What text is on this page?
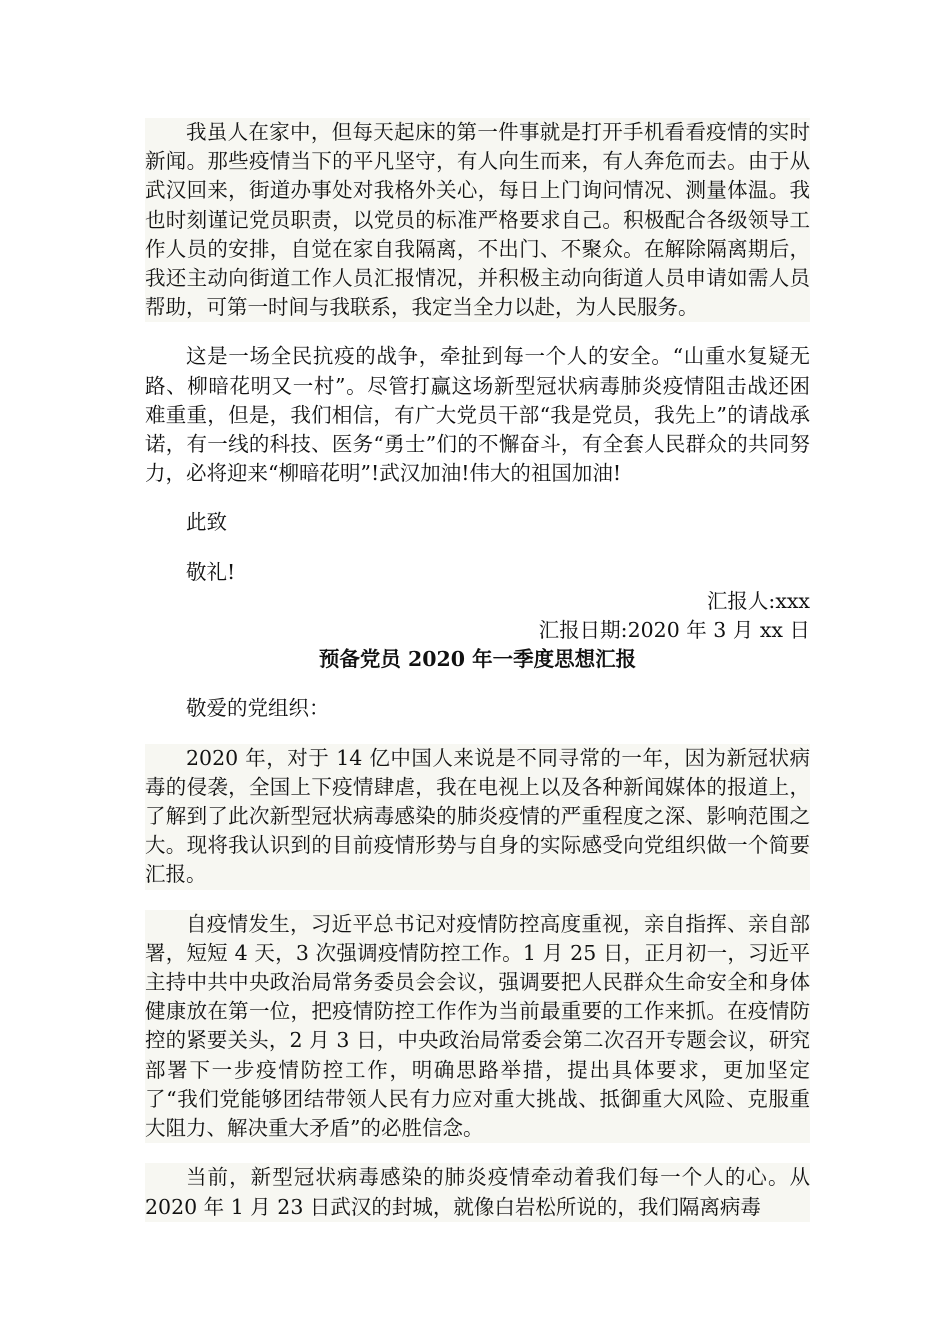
我虽人在家中，但每天起床的第一件事就是打开手机看看疫情的实时新闻。那些疫情当下的平凡坚守，有人向生而来，有人奔危而去。由于从武汉回来，街道办事处对我格外关心，每日上门询问情况、测量体温。我也时刻谨记党员职责，以党员的标准严格要求自己。积极配合各级领导工作人员的安排，自觉在家自我隔离，不出门、不聚众。在解除隔离期后，我还主动向街道工作人员汇报情况，并积极主动向街道人员申请如需人员帮助，可第一时间与我联系，我定当全力以赴，为人民服务。

这是一场全民抗疫的战争，牵扯到每一个人的安全。“山重水复疑无路、柳暗花明又一村”。尽管打赢这场新型冠状病毒肺炎疫情阻击战还困难重重，但是，我们相信，有广大党员干部“我是党员，我先上”的请战承诺，有一线的科技、医务“勇士”们的不懈奋斗，有全套人民群众的共同努力，必将迎来“柳暗花明”!武汉加油!伟大的祖国加油!

此致

敬礼!

汇报人:xxx

汇报日期:2020 年 3 月 xx 日

预备党员 2020 年一季度思想汇报

敬爱的党组织：

2020 年，对于 14 亿中国人来说是不同寻常的一年，因为新冠状病毒的侵袭，全国上下疫情肆虐，我在电视上以及各种新闻媒体的报道上，了解到了此次新型冠状病毒感染的肺炎疫情的严重程度之深、影响范围之大。现将我认识到的目前疫情形势与自身的实际感受向党组织做一个简要汇报。

自疫情发生，习近平总书记对疫情防控高度重视，亲自指挥、亲自部署，短短 4 天，3 次强调疫情防控工作。1 月 25 日，正月初一，习近平主持中共中央政治局常务委员会会议，强调要把人民群众生命安全和身体健康放在第一位，把疫情防控工作作为当前最重要的工作来抓。在疫情防控的紧要关头，2 月 3 日，中央政治局常委会第二次召开专题会议，研究部署下一步疫情防控工作，明确思路举措，提出具体要求，更加坚定了“我们党能够团结带领人民有力应对重大挑战、抵御重大风险、克服重大阻力、解决重大矛盾”的必胜信念。

当前，新型冠状病毒感染的肺炎疫情牵动着我们每一个人的心。从 2020 年 1 月 23 日武汉的封城，就像白岩松所说的，我们隔离病毒
